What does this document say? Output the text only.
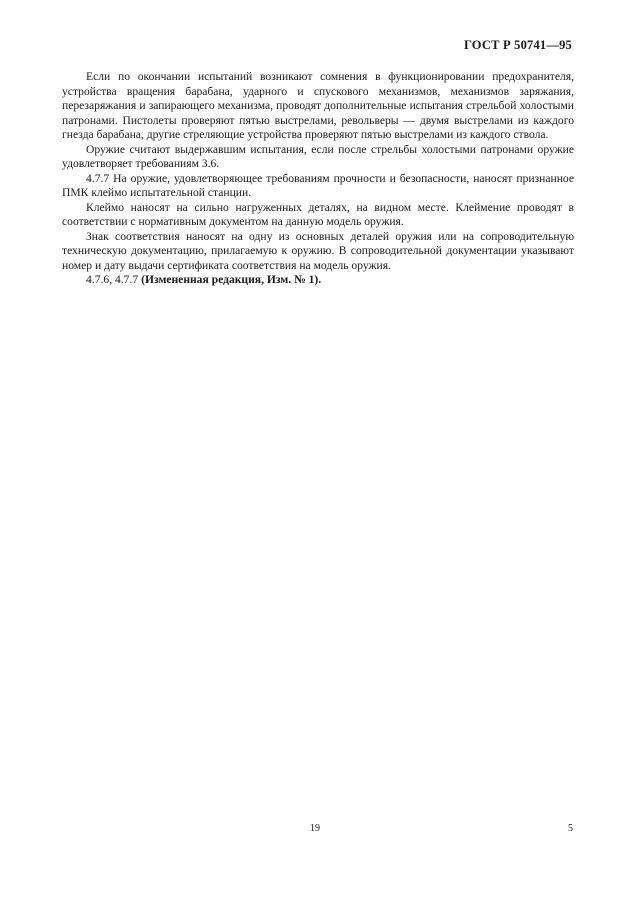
ГОСТ Р 50741—95

Если по окончании испытаний возникают сомнения в функционировании предохранителя, устройства вращения барабана, ударного и спускового механизмов, механизмов заряжания, перезаряжания и запирающего механизма, проводят дополнительные испытания стрельбой холостыми патронами. Пистолеты проверяют пятью выстрелами, револьверы — двумя выстрелами из каждого гнезда барабана, другие стреляющие устройства проверяют пятью выстрелами из каждого ствола.

Оружие считают выдержавшим испытания, если после стрельбы холостыми патронами оружие удовлетворяет требованиям 3.6.

4.7.7 На оружие, удовлетворяющее требованиям прочности и безопасности, наносят признанное ПМК клеймо испытательной станции.

Клеймо наносят на сильно нагруженных деталях, на видном месте. Клеймение проводят в соответствии с нормативным документом на данную модель оружия.

Знак соответствия наносят на одну из основных деталей оружия или на сопроводительную техническую документацию, прилагаемую к оружию. В сопроводительной документации указывают номер и дату выдачи сертификата соответствия на модель оружия.

4.7.6, 4.7.7 (Измененная редакция, Изм. № 1).

19	5
